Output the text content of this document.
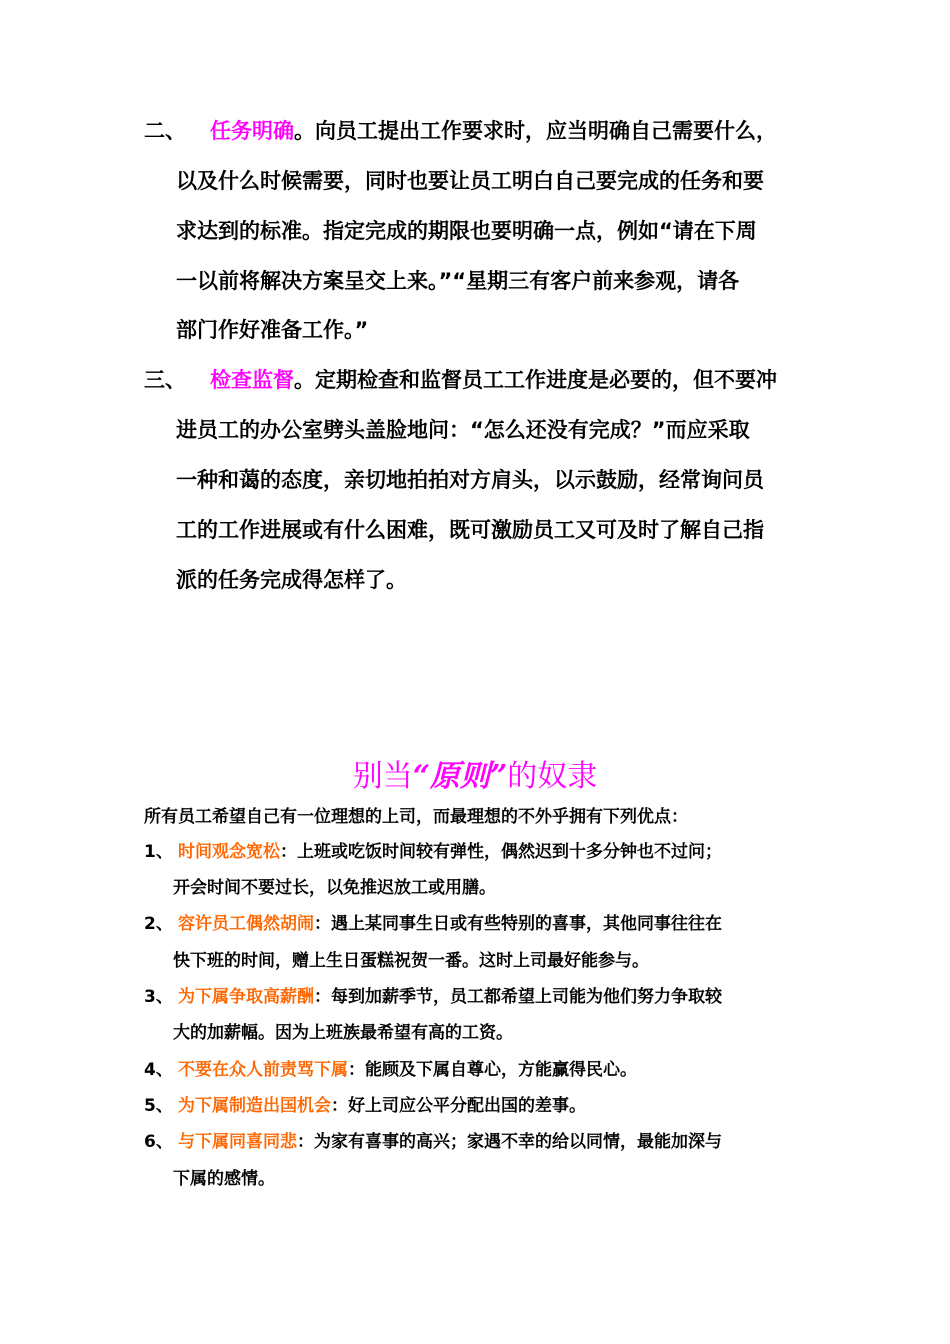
二、 任务明确。向员工提出工作要求时，应当明确自己需要什么，
以及什么时候需要，同时也要让员工明白自己要完成的任务和要
求达到的标准。指定完成的期限也要明确一点，例如“请在下周
一以前将解决方案呈交上来。”“星期三有客户前来参观，请各
部门作好准备工作。”
三、 检查监督。定期检查和监督员工工作进度是必要的，但不要冲
进员工的办公室劈头盖脸地问：“怎么还没有完成？”而应采取
一种和蔼的态度，亲切地拍拍对方肩头，以示鼓励，经常询问员
工的工作进展或有什么困难，既可激励员工又可及时了解自己指
派的任务完成得怎样了。
别当“原则”的奴隶
所有员工希望自己有一位理想的上司，而最理想的不外乎拥有下列优点：
1、 时间观念宽松：上班或吃饭时间较有弹性，偶然迟到十多分钟也不过问；
开会时间不要过长，以免推迟放工或用膳。
2、 容许员工偶然胡闹：遇上某同事生日或有些特别的喜事，其他同事往往在
快下班的时间，赠上生日蛋糕祝贺一番。这时上司最好能参与。
3、 为下属争取高薪酬：每到加薪季节，员工都希望上司能为他们努力争取较
大的加薪幅。因为上班族最希望有高的工资。
4、 不要在众人前责骂下属：能顾及下属自尊心，方能赢得民心。
5、 为下属制造出国机会：好上司应公平分配出国的差事。
6、 与下属同喜同悲：为家有喜事的高兴；家遇不幸的给以同情，最能加深与
下属的感情。
